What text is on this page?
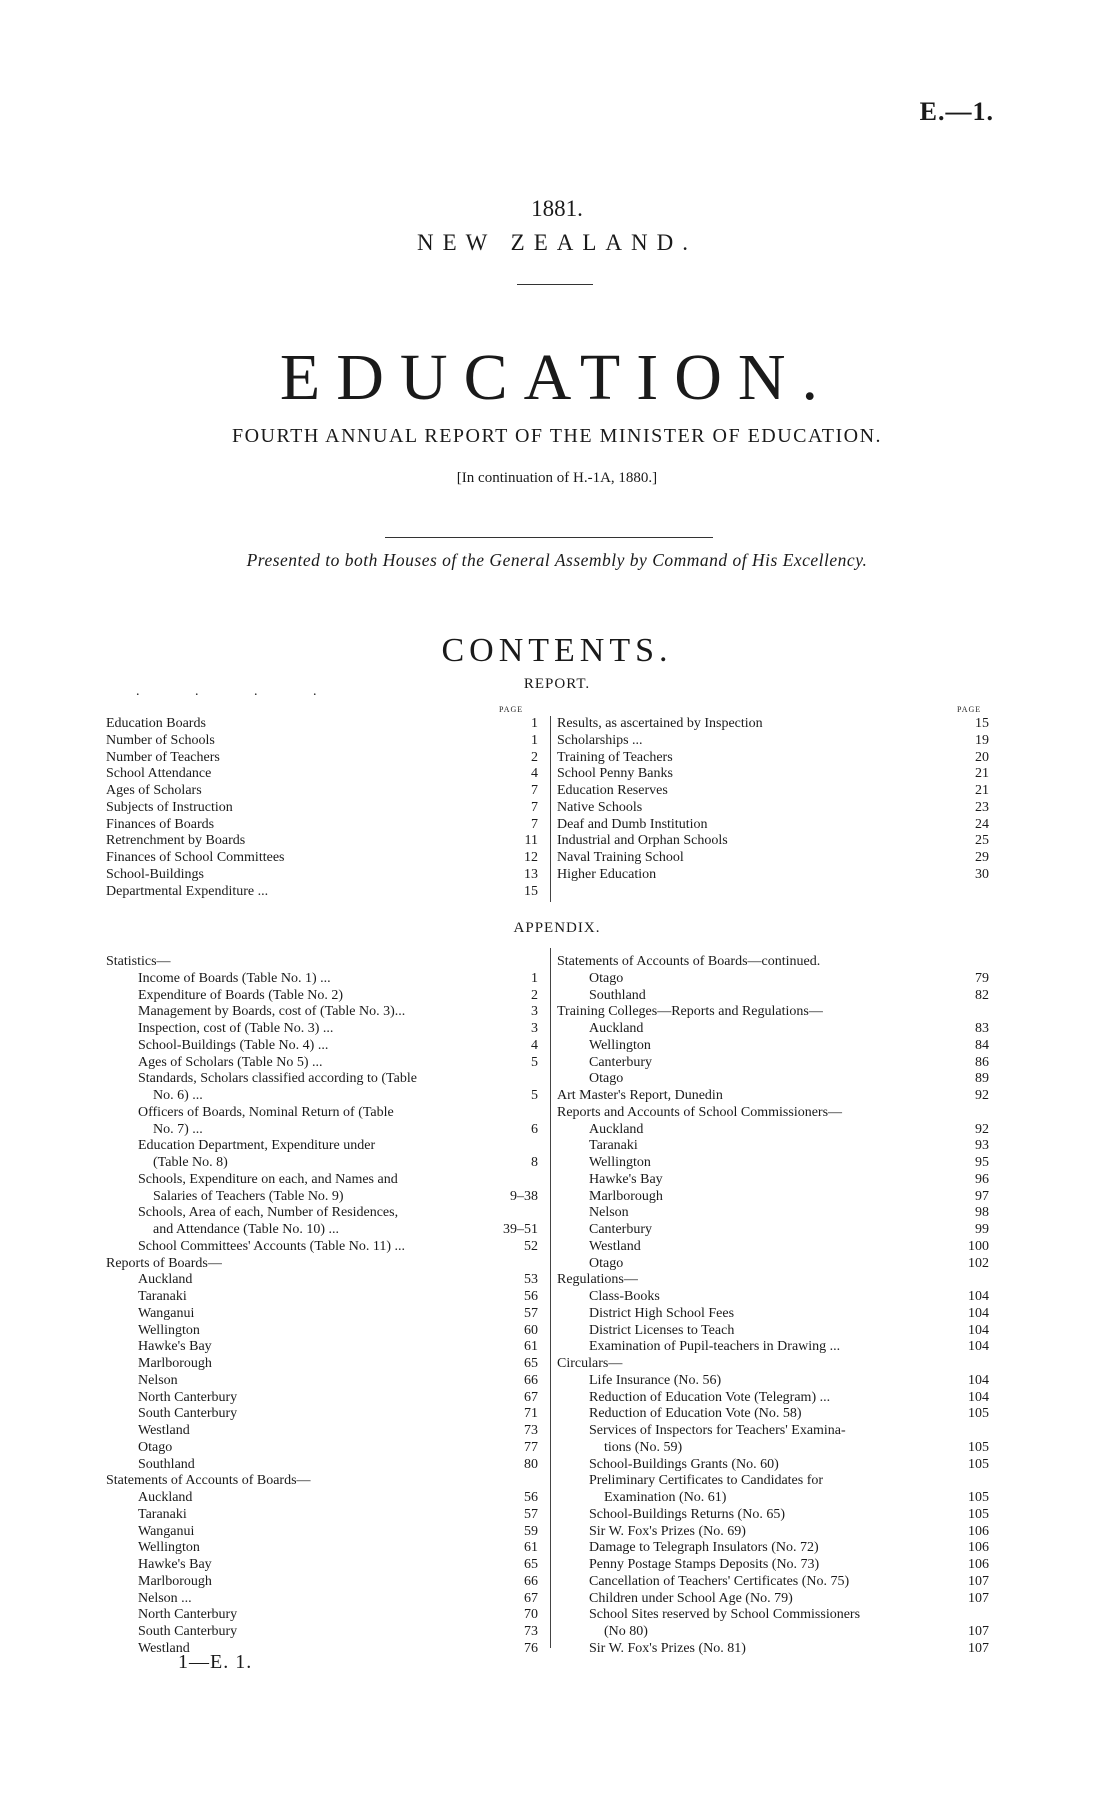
E.—1.
1881.
NEW ZEALAND.
EDUCATION.
FOURTH ANNUAL REPORT OF THE MINISTER OF EDUCATION.
[In continuation of H.-1A, 1880.]
Presented to both Houses of the General Assembly by Command of His Excellency.
CONTENTS.
REPORT.
. . . .
PAGE	PAGE
Education Boards	1
Number of Schools	1
Number of Teachers	2
School Attendance	4
Ages of Scholars	7
Subjects of Instruction	7
Finances of Boards	7
Retrenchment by Boards	11
Finances of School Committees	12
School-Buildings	13
Departmental Expenditure ...	15
Results, as ascertained by Inspection	15
Scholarships ...	19
Training of Teachers	20
School Penny Banks	21
Education Reserves	21
Native Schools	23
Deaf and Dumb Institution	24
Industrial and Orphan Schools	25
Naval Training School	29
Higher Education	30
APPENDIX.
Statistics—
Income of Boards (Table No. 1) ...	1
Expenditure of Boards (Table No. 2)	2
Management by Boards, cost of (Table No. 3)...	3
Inspection, cost of (Table No. 3) ...	3
School-Buildings (Table No. 4) ...	4
Ages of Scholars (Table No 5) ...	5
Standards, Scholars classified according to (Table
No. 6) ...	5
Officers of Boards, Nominal Return of (Table
No. 7) ...	6
Education Department, Expenditure under
(Table No. 8)	8
Schools, Expenditure on each, and Names and
Salaries of Teachers (Table No. 9)	9–38
Schools, Area of each, Number of Residences,
and Attendance (Table No. 10) ...	39–51
School Committees' Accounts (Table No. 11) ...	52
Reports of Boards—
Auckland	53
Taranaki	56
Wanganui	57
Wellington	60
Hawke's Bay	61
Marlborough	65
Nelson	66
North Canterbury	67
South Canterbury	71
Westland	73
Otago	77
Southland	80
Statements of Accounts of Boards—
Auckland	56
Taranaki	57
Wanganui	59
Wellington	61
Hawke's Bay	65
Marlborough	66
Nelson ...	67
North Canterbury	70
South Canterbury	73
Westland	76
Statements of Accounts of Boards—continued.
Otago	79
Southland	82
Training Colleges—Reports and Regulations—
Auckland	83
Wellington	84
Canterbury	86
Otago	89
Art Master's Report, Dunedin	92
Reports and Accounts of School Commissioners—
Auckland	92
Taranaki	93
Wellington	95
Hawke's Bay	96
Marlborough	97
Nelson	98
Canterbury	99
Westland	100
Otago	102
Regulations—
Class-Books	104
District High School Fees	104
District Licenses to Teach	104
Examination of Pupil-teachers in Drawing ...	104
Circulars—
Life Insurance (No. 56)	104
Reduction of Education Vote (Telegram) ...	104
Reduction of Education Vote (No. 58)	105
Services of Inspectors for Teachers' Examina-
tions (No. 59)	105
School-Buildings Grants (No. 60)	105
Preliminary Certificates to Candidates for
Examination (No. 61)	105
School-Buildings Returns (No. 65)	105
Sir W. Fox's Prizes (No. 69)	106
Damage to Telegraph Insulators (No. 72)	106
Penny Postage Stamps Deposits (No. 73)	106
Cancellation of Teachers' Certificates (No. 75)	107
Children under School Age (No. 79)	107
School Sites reserved by School Commissioners
(No 80)	107
Sir W. Fox's Prizes (No. 81)	107
1—E. 1.
